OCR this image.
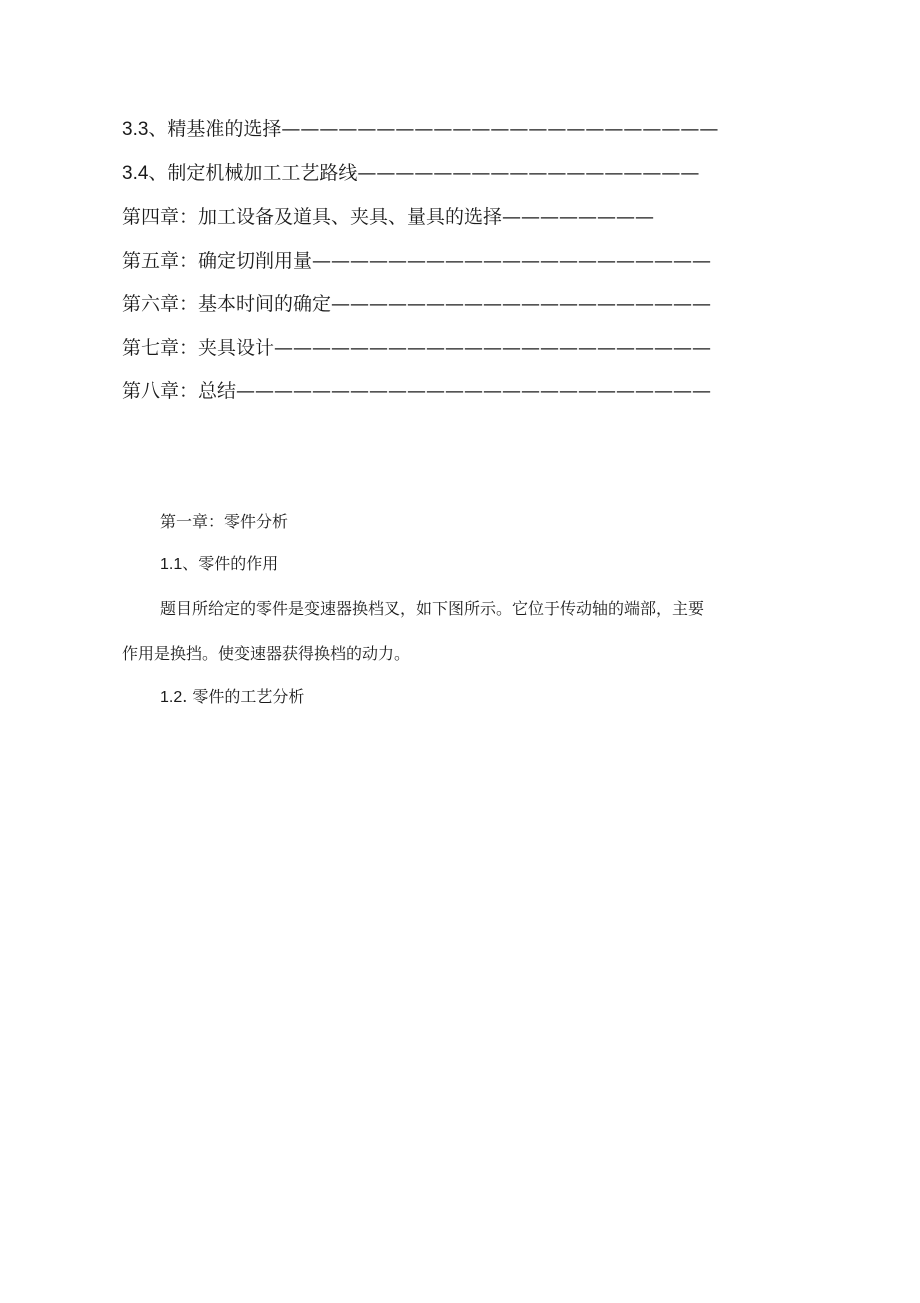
3.3、精基准的选择———————————————————————
3.4、制定机械加工工艺路线——————————————————
第四章：加工设备及道具、夹具、量具的选择————————
第五章：确定切削用量—————————————————————
第六章：基本时间的确定————————————————————
第七章：夹具设计———————————————————————
第八章：总结—————————————————————————
第一章：零件分析
1.1、零件的作用
题目所给定的零件是变速器换档叉，如下图所示。它位于传动轴的端部，主要
作用是换挡。使变速器获得换档的动力。
1.2. 零件的工艺分析
